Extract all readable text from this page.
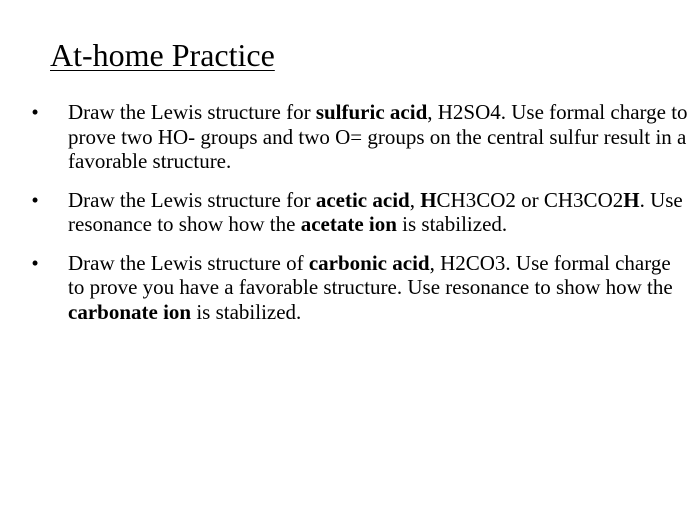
At-home Practice
• Draw the Lewis structure for sulfuric acid, H2SO4. Use formal charge to prove two HO- groups and two O= groups on the central sulfur result in a favorable structure.
• Draw the Lewis structure for acetic acid, HCH3CO2 or CH3CO2H. Use resonance to show how the acetate ion is stabilized.
• Draw the Lewis structure of carbonic acid, H2CO3. Use formal charge to prove you have a favorable structure. Use resonance to show how the carbonate ion is stabilized.
